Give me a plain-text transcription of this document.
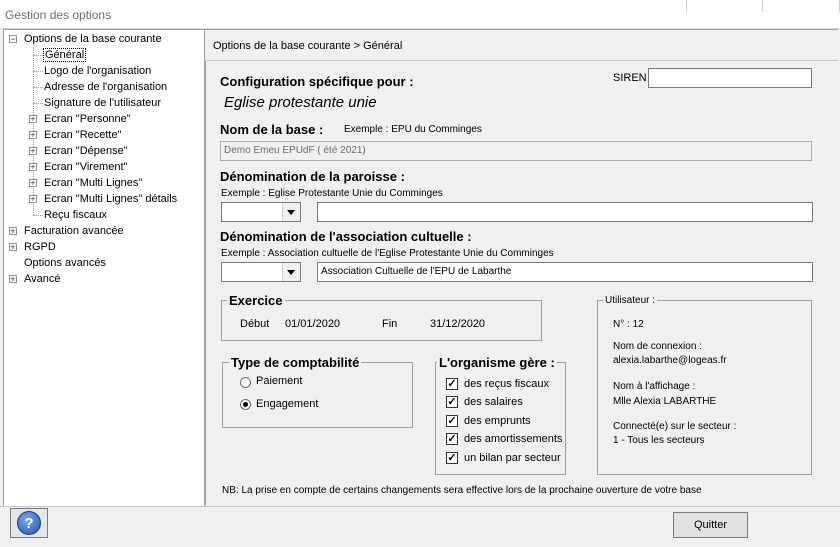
Gestion des options
− Options de la base courante
Général
Logo de l'organisation
Adresse de l'organisation
Signature de l'utilisateur
+ Ecran "Personne"
+ Ecran "Recette"
+ Ecran "Dépense"
+ Ecran "Virement"
+ Ecran "Multi Lignes"
+ Ecran "Multi Lignes" détails
Reçu fiscaux
+ Facturation avancée
+ RGPD
Options avancés
+ Avancé
Options de la base courante > Général
Configuration spécifique pour :
Eglise protestante unie
SIREN
Nom de la base : Exemple : EPU du Comminges
Demo Emeu EPUdF ( été 2021)
Dénomination de la paroisse :
Exemple : Eglise Protestante Unie du Comminges
Dénomination de l'association cultuelle :
Exemple : Association cultuelle de l'Eglise Protestante Unie du Comminges
Association Cultuelle de l'EPU de Labarthe
Exercice
Début 01/01/2020	Fin	31/12/2020
Type de comptabilité
Paiement
Engagement
L'organisme gère :
✓ des reçus fiscaux
✓ des salaires
✓ des emprunts
✓ des amortissements
✓ un bilan par secteur
Utilisateur :
N° : 12
Nom de connexion :
alexia.labarthe@logeas.fr
Nom à l'affichage :
Mlle Alexia LABARTHE
Connecté(e) sur le secteur :
1 - Tous les secteurs
NB: La prise en compte de certains changements sera effective lors de la prochaine ouverture de votre base
?	Quitter
